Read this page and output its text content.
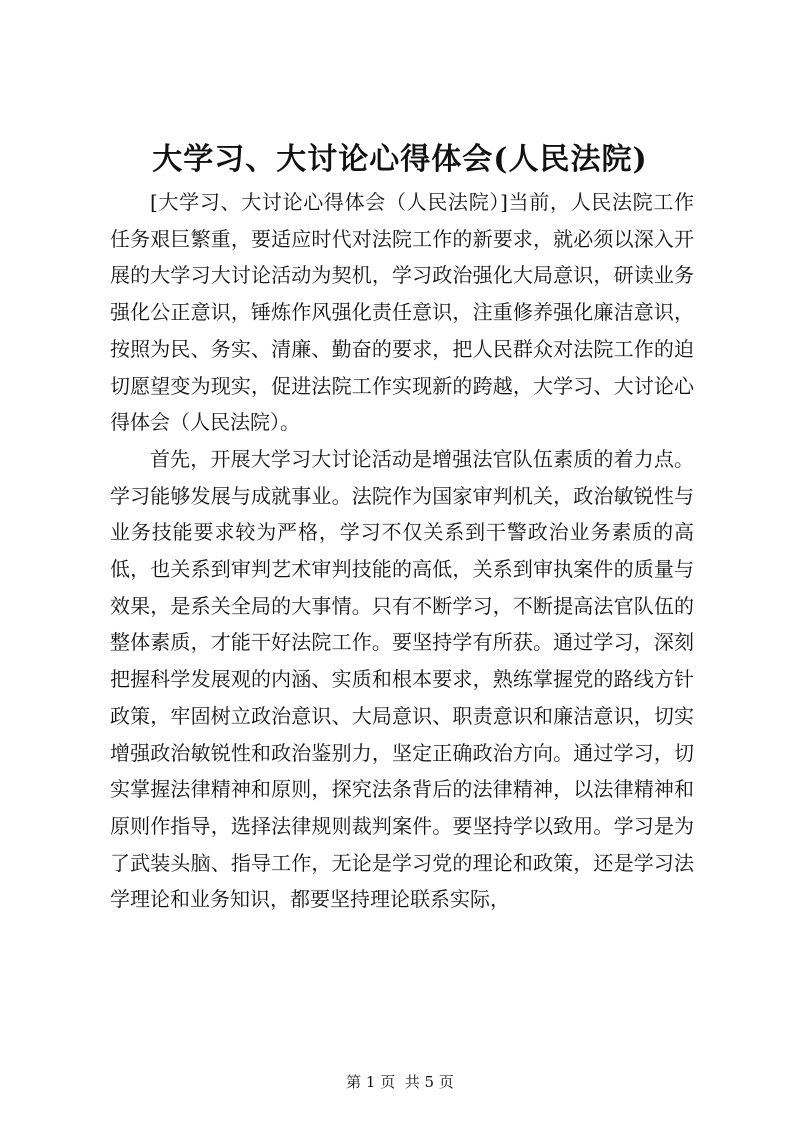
大学习、大讨论心得体会(人民法院)

[大学习、大讨论心得体会（人民法院）]当前，人民法院工作任务艰巨繁重，要适应时代对法院工作的新要求，就必须以深入开展的大学习大讨论活动为契机，学习政治强化大局意识，研读业务强化公正意识，锤炼作风强化责任意识，注重修养强化廉洁意识，按照为民、务实、清廉、勤奋的要求，把人民群众对法院工作的迫切愿望变为现实，促进法院工作实现新的跨越，大学习、大讨论心得体会（人民法院）。

首先，开展大学习大讨论活动是增强法官队伍素质的着力点。学习能够发展与成就事业。法院作为国家审判机关，政治敏锐性与业务技能要求较为严格，学习不仅关系到干警政治业务素质的高低，也关系到审判艺术审判技能的高低，关系到审执案件的质量与效果，是系关全局的大事情。只有不断学习，不断提高法官队伍的整体素质，才能干好法院工作。要坚持学有所获。通过学习，深刻把握科学发展观的内涵、实质和根本要求，熟练掌握党的路线方针政策，牢固树立政治意识、大局意识、职责意识和廉洁意识，切实增强政治敏锐性和政治鉴别力，坚定正确政治方向。通过学习，切实掌握法律精神和原则，探究法条背后的法律精神，以法律精神和原则作指导，选择法律规则裁判案件。要坚持学以致用。学习是为了武装头脑、指导工作，无论是学习党的理论和政策，还是学习法学理论和业务知识，都要坚持理论联系实际，

第 1 页  共 5 页
